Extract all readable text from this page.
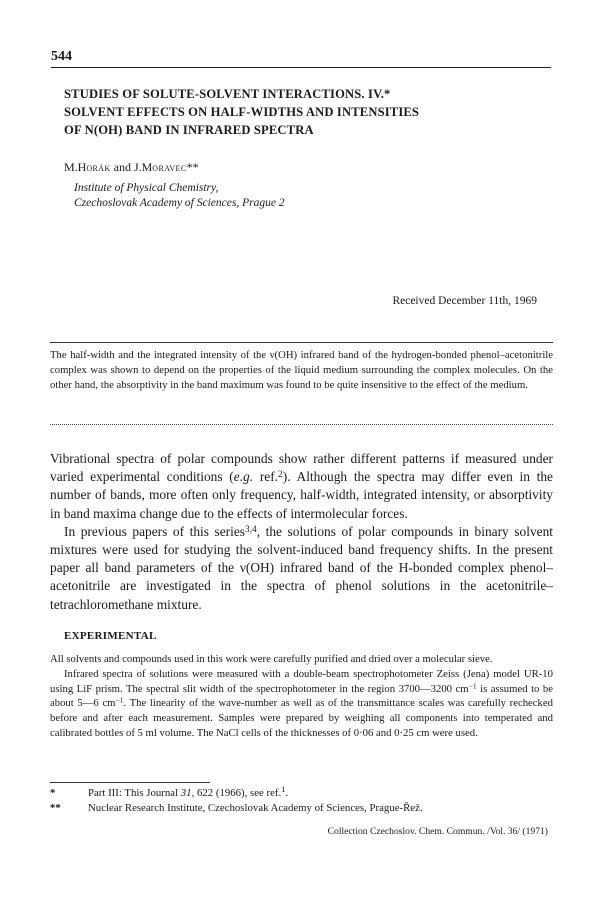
544
STUDIES OF SOLUTE-SOLVENT INTERACTIONS. IV.*
SOLVENT EFFECTS ON HALF-WIDTHS AND INTENSITIES
OF Ν(OH) BAND IN INFRARED SPECTRA
M.Horák and J.Moravec**
Institute of Physical Chemistry,
Czechoslovak Academy of Sciences, Prague 2
Received December 11th, 1969
The half-width and the integrated intensity of the ν(OH) infrared band of the hydrogen-bonded phenol–acetonitrile complex was shown to depend on the properties of the liquid medium surrounding the complex molecules. On the other hand, the absorptivity in the band maximum was found to be quite insensitive to the effect of the medium.

Vibrational spectra of polar compounds show rather different patterns if measured under varied experimental conditions (e.g. ref.$^2$). Although the spectra may differ even in the number of bands, more often only frequency, half-width, integrated intensity, or absorptivity in band maxima change due to the effects of intermolecular forces.

In previous papers of this series$^{3,4}$, the solutions of polar compounds in binary solvent mixtures were used for studying the solvent-induced band frequency shifts. In the present paper all band parameters of the ν(OH) infrared band of the H-bonded complex phenol–acetonitrile are investigated in the spectra of phenol solutions in the acetonitrile–tetrachloromethane mixture.

EXPERIMENTAL

All solvents and compounds used in this work were carefully purified and dried over a molecular sieve.

Infrared spectra of solutions were measured with a double-beam spectrophotometer Zeiss (Jena) model UR-10 using LiF prism. The spectral slit width of the spectrophotometer in the region 3700—3200 $cm^{-1}$ is assumed to be about 5—6 $cm^{-1}$. The linearity of the wave-number as well as of the transmittance scales was carefully rechecked before and after each measurement. Samples were prepared by weighing all components into temperated and calibrated bottles of 5 ml volume. The NaCl cells of the thicknesses of 0·06 and 0·25 cm were used.

*	Part III: This Journal 31, 622 (1966), see ref.$^1$.
**	Nuclear Research Institute, Czechoslovak Academy of Sciences, Prague-Řež.
Collection Czechoslov. Chem. Commun. /Vol. 36/ (1971)
